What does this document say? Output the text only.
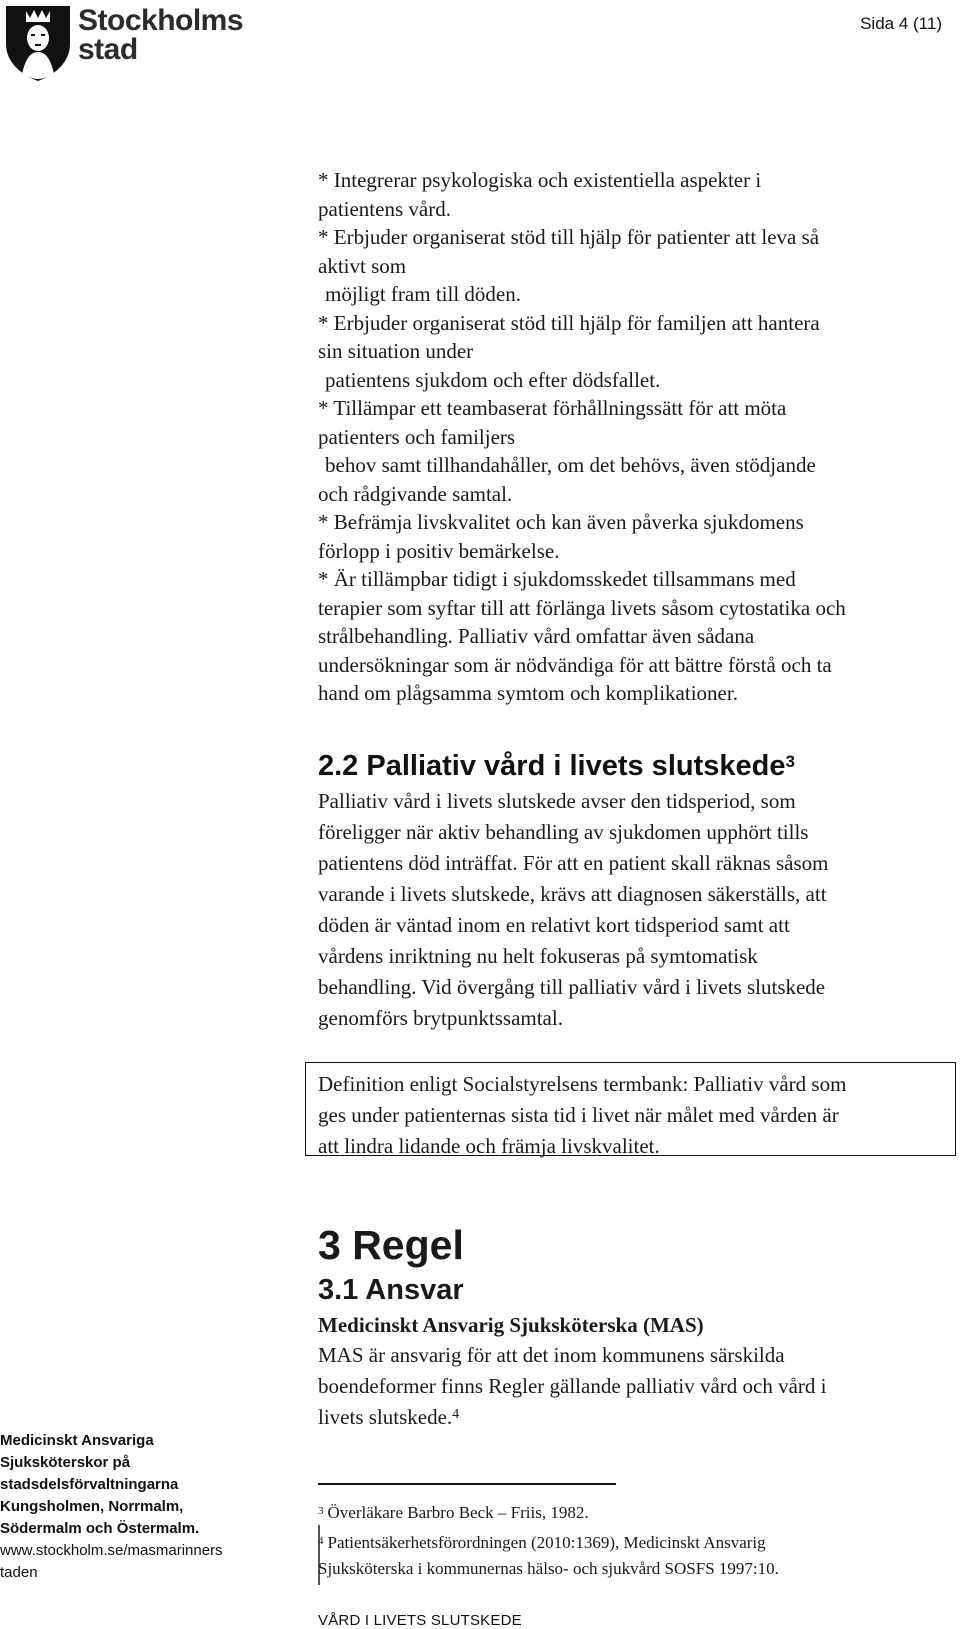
Stockholms
stad
Sida 4 (11)
* Integrerar psykologiska och existentiella aspekter i
patientens vård.
* Erbjuder organiserat stöd till hjälp för patienter att leva så
aktivt som
möjligt fram till döden.
* Erbjuder organiserat stöd till hjälp för familjen att hantera
sin situation under
patientens sjukdom och efter dödsfallet.
* Tillämpar ett teambaserat förhållningssätt för att möta
patienters och familjers
behov samt tillhandahåller, om det behövs, även stödjande
och rådgivande samtal.
* Befrämja livskvalitet och kan även påverka sjukdomens
förlopp i positiv bemärkelse.
* Är tillämpbar tidigt i sjukdomsskedet tillsammans med
terapier som syftar till att förlänga livets såsom cytostatika och
strålbehandling. Palliativ vård omfattar även sådana
undersökningar som är nödvändiga för att bättre förstå och ta
hand om plågsamma symtom och komplikationer.
2.2 Palliativ vård i livets slutskede$^3$
Palliativ vård i livets slutskede avser den tidsperiod, som
föreligger när aktiv behandling av sjukdomen upphört tills
patientens död inträffat. För att en patient skall räknas såsom
varande i livets slutskede, krävs att diagnosen säkerställs, att
döden är väntad inom en relativt kort tidsperiod samt att
vårdens inriktning nu helt fokuseras på symtomatisk
behandling. Vid övergång till palliativ vård i livets slutskede
genomförs brytpunktssamtal.
Definition enligt Socialstyrelsens termbank: Palliativ vård som
ges under patienternas sista tid i livet när målet med vården är
att lindra lidande och främja livskvalitet.
3 Regel
3.1 Ansvar
Medicinskt Ansvarig Sjuksköterska (MAS)
MAS är ansvarig för att det inom kommunens särskilda
boendeformer finns Regler gällande palliativ vård och vård i
livets slutskede.$^4$
$^3$ Överläkare Barbro Beck – Friis, 1982.
$^4$ Patientsäkerhetsförordningen (2010:1369), Medicinskt Ansvarig
Sjuksköterska i kommunernas hälso- och sjukvård SOSFS 1997:10.
Medicinskt Ansvariga
Sjuksköterskor på
stadsdelsförvaltningarna
Kungsholmen, Norrmalm,
Södermalm och Östermalm.
www.stockholm.se/masmarinners
taden
VÅRD I LIVETS SLUTSKEDE
